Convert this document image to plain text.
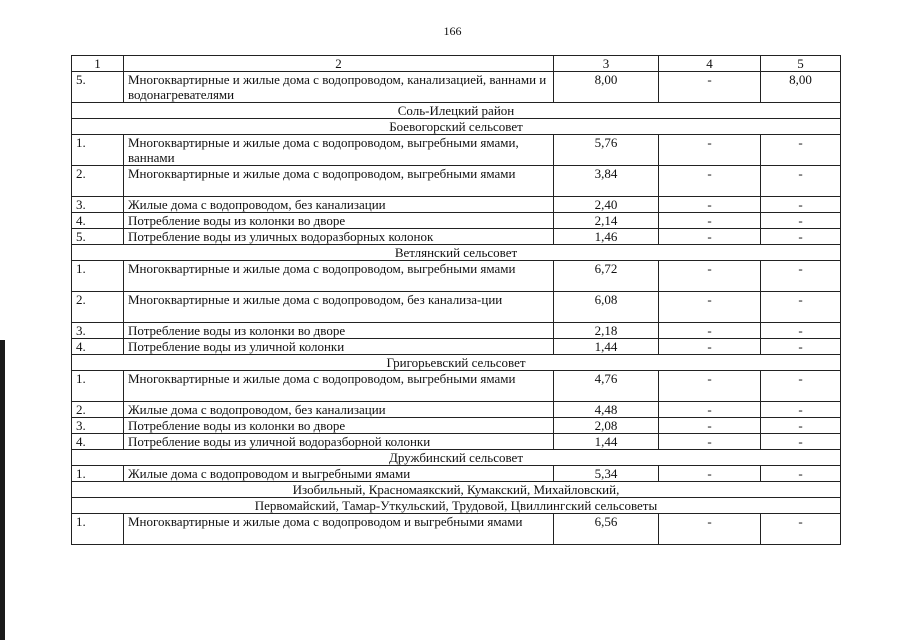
166
1	2	3	4	5
5.	Многоквартирные и жилые дома с водопроводом, канализацией, ваннами и водонагревателями	8,00	-	8,00
Соль-Илецкий район				
Боевогорский сельсовет				
1.	Многоквартирные и жилые дома с водопроводом, выгребными ямами, ваннами	5,76	-	-
2.	Многоквартирные и жилые дома с водопроводом, выгребными ямами	3,84	-	-
3.	Жилые дома с водопроводом, без канализации	2,40	-	-
4.	Потребление воды из колонки во дворе	2,14	-	-
5.	Потребление воды из уличных водоразборных колонок	1,46	-	-
Ветлянский сельсовет				
1.	Многоквартирные и жилые дома с водопроводом, выгребными ямами	6,72	-	-
2.	Многоквартирные и жилые дома с водопроводом, без канализа-ции	6,08	-	-
3.	Потребление воды из колонки во дворе	2,18	-	-
4.	Потребление воды из уличной колонки	1,44	-	-
Григорьевский сельсовет				
1.	Многоквартирные и жилые дома с водопроводом, выгребными ямами	4,76	-	-
2.	Жилые дома с водопроводом, без канализации	4,48	-	-
3.	Потребление воды из колонки во дворе	2,08	-	-
4.	Потребление воды из уличной водоразборной колонки	1,44	-	-
Дружбинский сельсовет				
1.	Жилые дома с водопроводом и выгребными ямами	5,34	-	-
Изобильный, Красномаякский, Кумакский, Михайловский,				
Первомайский, Тамар-Уткульский, Трудовой, Цвиллингский сельсоветы				
1.	Многоквартирные и жилые дома с водопроводом и выгребными ямами	6,56	-	-
